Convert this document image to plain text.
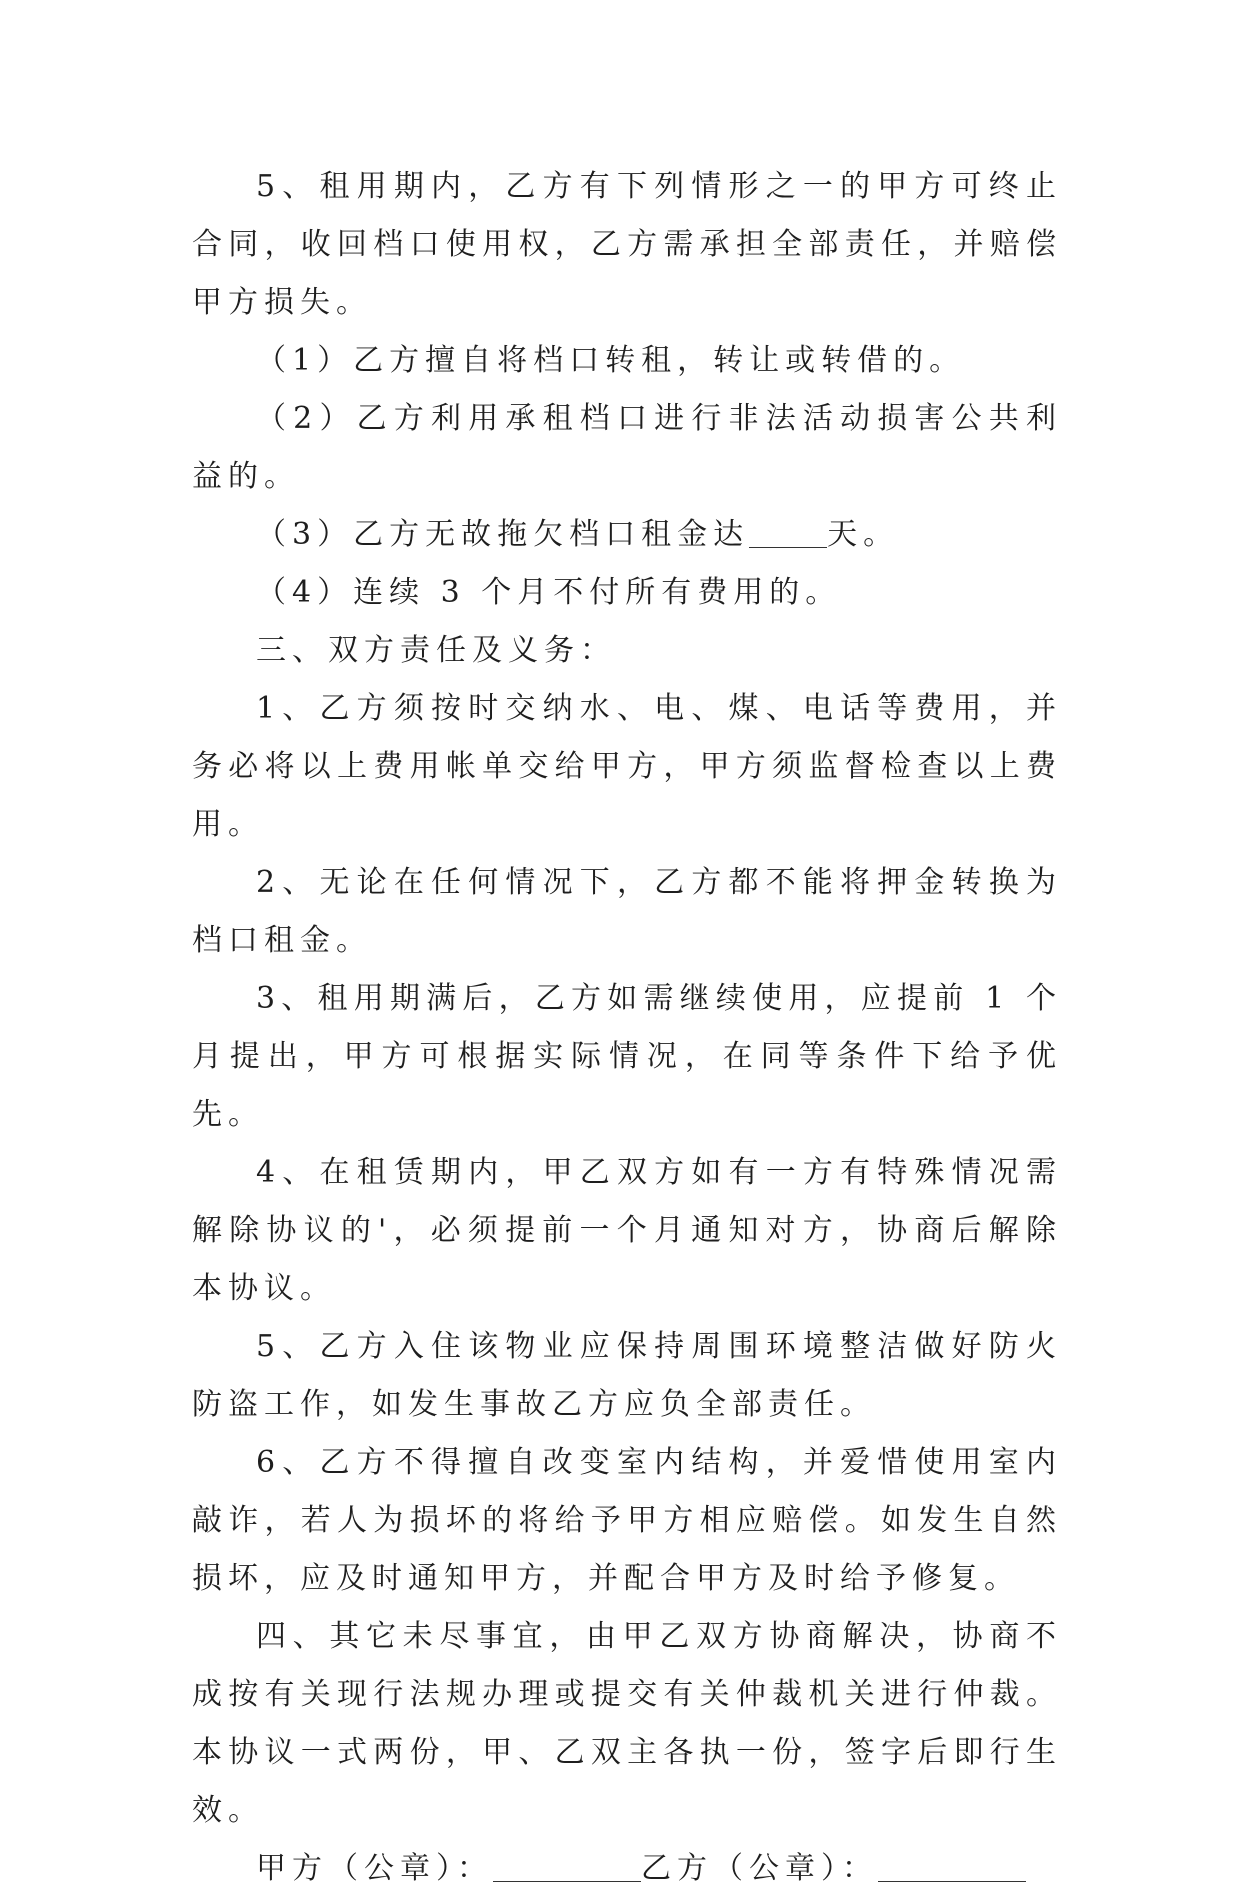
5、租用期内，乙方有下列情形之一的甲方可终止合同，收回档口使用权，乙方需承担全部责任，并赔偿甲方损失。

（1）乙方擅自将档口转租，转让或转借的。

（2）乙方利用承租档口进行非法活动损害公共利益的。

（3）乙方无故拖欠档口租金达	天。

（4）连续 3 个月不付所有费用的。

三、双方责任及义务：

1、乙方须按时交纳水、电、煤、电话等费用，并务必将以上费用帐单交给甲方，甲方须监督检查以上费用。

2、无论在任何情况下，乙方都不能将押金转换为档口租金。

3、租用期满后，乙方如需继续使用，应提前 1 个月提出，甲方可根据实际情况，在同等条件下给予优先。

4、在租赁期内，甲乙双方如有一方有特殊情况需解除协议的'，必须提前一个月通知对方，协商后解除本协议。

5、乙方入住该物业应保持周围环境整洁做好防火防盗工作，如发生事故乙方应负全部责任。

6、乙方不得擅自改变室内结构，并爱惜使用室内敲诈，若人为损坏的将给予甲方相应赔偿。如发生自然损坏，应及时通知甲方，并配合甲方及时给予修复。

四、其它未尽事宜，由甲乙双方协商解决，协商不成按有关现行法规办理或提交有关仲裁机关进行仲裁。本协议一式两份，甲、乙双主各执一份，签字后即行生效。

甲方（公章）：	乙方（公章）：
